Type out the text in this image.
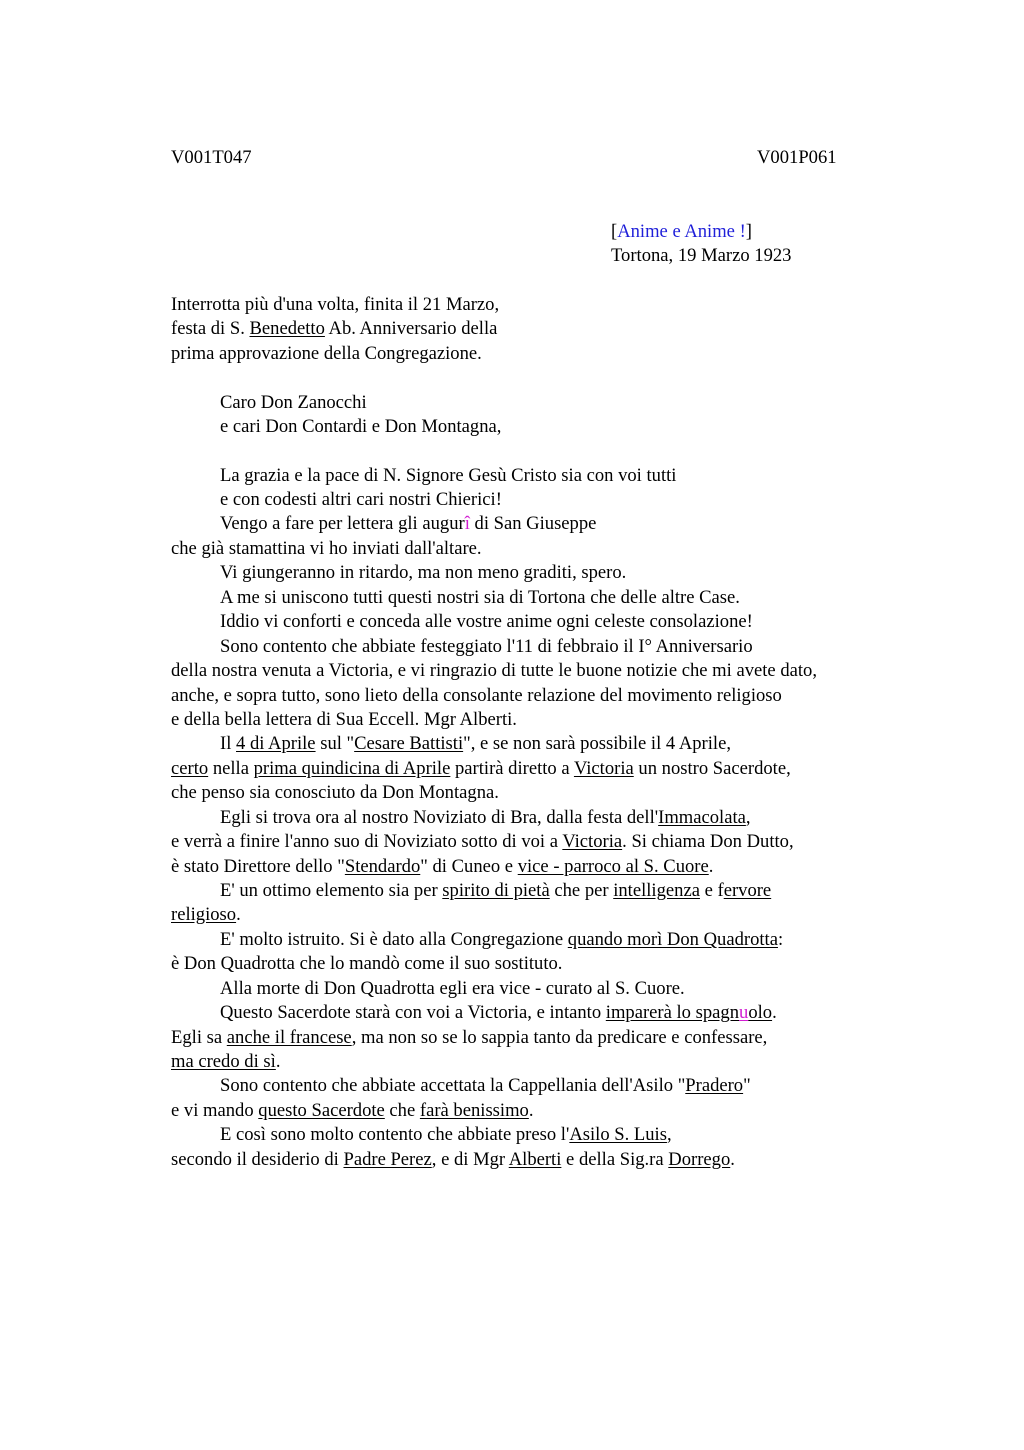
V001T047	V001P061
[Anime e Anime !]
Tortona, 19 Marzo 1923
Interrotta più d'una volta, finita il 21 Marzo,
festa di S. Benedetto Ab. Anniversario della
prima approvazione della Congregazione.
Caro Don Zanocchi
e cari Don Contardi e Don Montagna,
La grazia e la pace di N. Signore Gesù Cristo sia con voi tutti
e con codesti altri cari nostri Chierici!
Vengo a fare per lettera gli augurî di San Giuseppe
che già stamattina vi ho inviati dall'altare.
Vi giungeranno in ritardo, ma non meno graditi, spero.
A me si uniscono tutti questi nostri sia di Tortona che delle altre Case.
Iddio vi conforti e conceda alle vostre anime ogni celeste consolazione!
Sono contento che abbiate festeggiato l'11 di febbraio il I° Anniversario
della nostra venuta a Victoria, e vi ringrazio di tutte le buone notizie che mi avete dato,
anche, e sopra tutto, sono lieto della consolante relazione del movimento religioso
e della bella lettera di Sua Eccell. Mgr Alberti.
Il 4 di Aprile sul "Cesare Battisti", e se non sarà possibile il 4 Aprile,
certo nella prima quindicina di Aprile partirà diretto a Victoria un nostro Sacerdote,
che penso sia conosciuto da Don Montagna.
Egli si trova ora al nostro Noviziato di Bra, dalla festa dell'Immacolata,
e verrà a finire l'anno suo di Noviziato sotto di voi a Victoria. Si chiama Don Dutto,
è stato Direttore dello "Stendardo" di Cuneo e vice - parroco al S. Cuore.
E' un ottimo elemento sia per spirito di pietà che per intelligenza e fervore
religioso.
E' molto istruito. Si è dato alla Congregazione quando morì Don Quadrotta:
è Don Quadrotta che lo mandò come il suo sostituto.
Alla morte di Don Quadrotta egli era vice - curato al S. Cuore.
Questo Sacerdote starà con voi a Victoria, e intanto imparerà lo spagnuolo.
Egli sa anche il francese, ma non so se lo sappia tanto da predicare e confessare,
ma credo di sì.
Sono contento che abbiate accettata la Cappellania dell'Asilo "Pradero"
e vi mando questo Sacerdote che farà benissimo.
E così sono molto contento che abbiate preso l'Asilo S. Luis,
secondo il desiderio di Padre Perez, e di Mgr Alberti e della Sig.ra Dorrego.
